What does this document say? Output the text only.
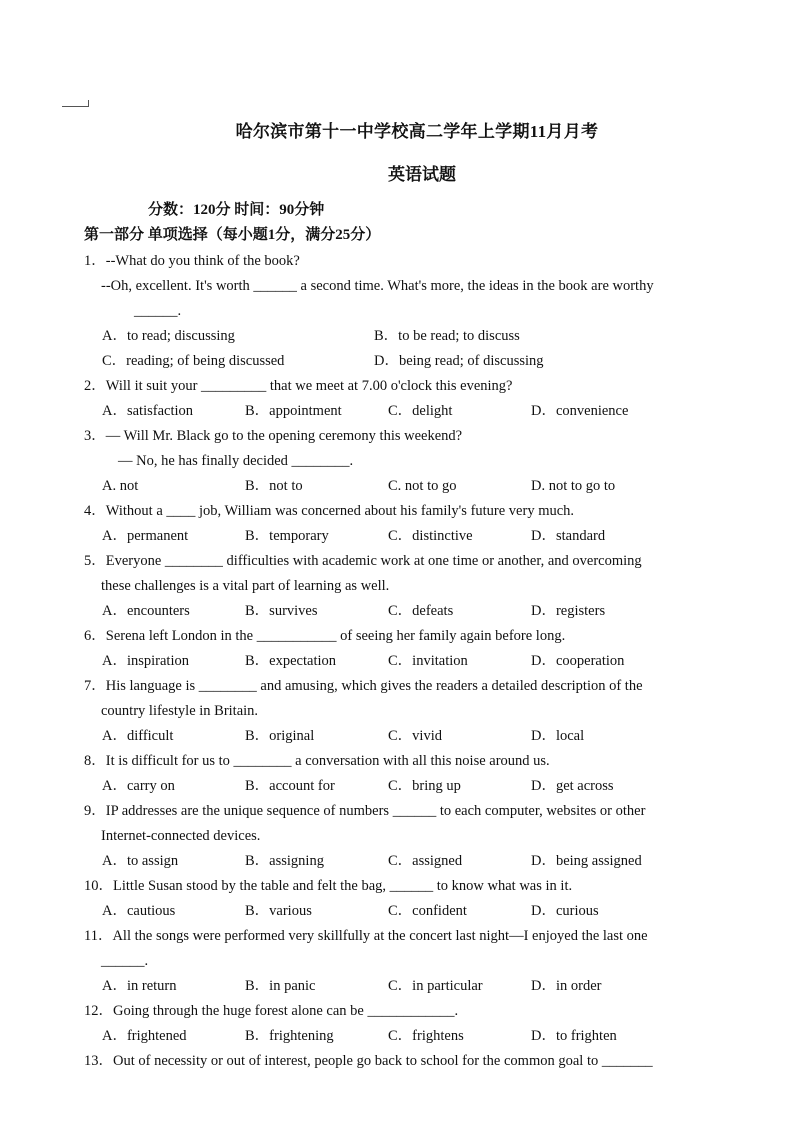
哈尔滨市第十一中学校高二学年上学期11月月考
英语试题
分数：120分 时间：90分钟
第一部分 单项选择（每小题1分，满分25分）
1．--What do you think of the book?
--Oh, excellent. It's worth ______ a second time. What's more, the ideas in the book are worthy
______.
A．to read; discussing	B．to be read; to discuss
C．reading; of being discussed	D．being read; of discussing
2．Will it suit your _________ that we meet at 7.00 o'clock this evening?
A．satisfaction	B．appointment	C．delight	D．convenience
3．— Will Mr. Black go to the opening ceremony this weekend?
— No, he has finally decided ________.
A. not	B．not to	C. not to go	D. not to go to
4．Without a ____ job, William was concerned about his family's future very much.
A．permanent	B．temporary	C．distinctive	D．standard
5．Everyone ________ difficulties with academic work at one time or another, and overcoming
these challenges is a vital part of learning as well.
A．encounters	B．survives	C．defeats	D．registers
6．Serena left London in the ___________ of seeing her family again before long.
A．inspiration	B．expectation	C．invitation	D．cooperation
7．His language is ________ and amusing, which gives the readers a detailed description of the
country lifestyle in Britain.
A．difficult	B．original	C．vivid	D．local
8．It is difficult for us to ________ a conversation with all this noise around us.
A．carry on	B．account for	C．bring up	D．get across
9．IP addresses are the unique sequence of numbers ______ to each computer, websites or other
Internet-connected devices.
A．to assign	B．assigning	C．assigned	D．being assigned
10．Little Susan stood by the table and felt the bag, ______ to know what was in it.
A．cautious	B．various	C．confident	D．curious
11．All the songs were performed very skillfully at the concert last night—I enjoyed the last one
______.
A．in return	B．in panic	C．in particular	D．in order
12．Going through the huge forest alone can be ____________.
A．frightened	B．frightening	C．frightens	D．to frighten
13．Out of necessity or out of interest, people go back to school for the common goal to _______
